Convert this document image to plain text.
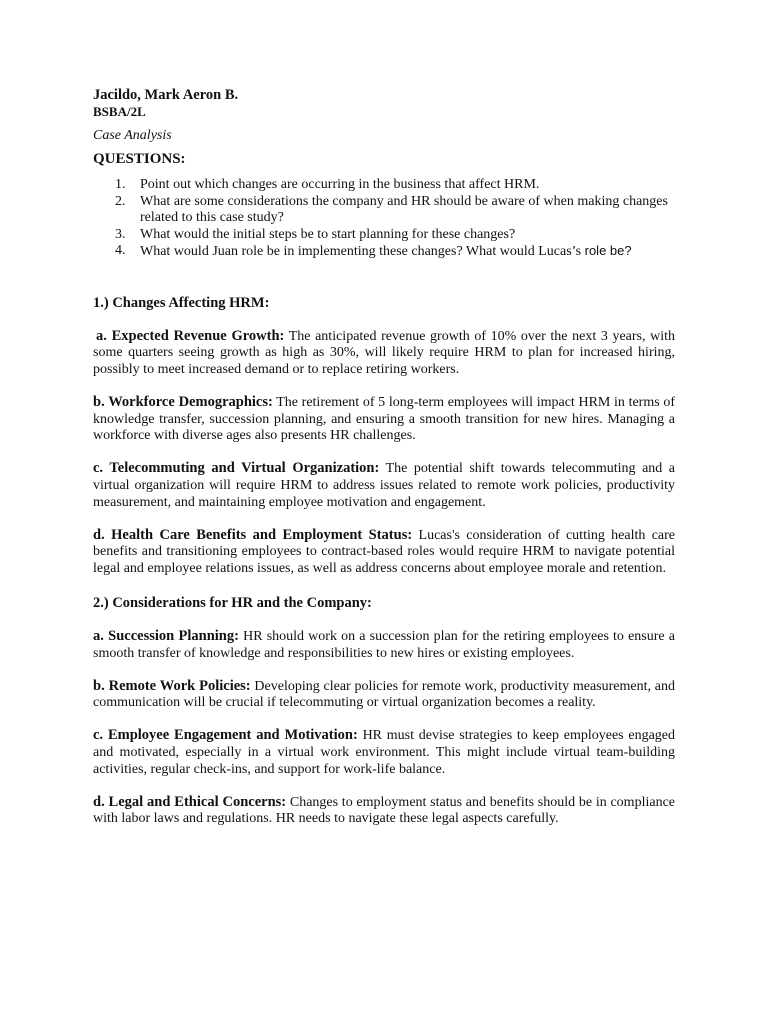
Jacildo, Mark Aeron B.

BSBA/2L

Case Analysis

QUESTIONS:

1. Point out which changes are occurring in the business that affect HRM.
2. What are some considerations the company and HR should be aware of when making changes related to this case study?
3. What would the initial steps be to start planning for these changes?
4. What would Juan role be in implementing these changes? What would Lucas’s role be?

1.) Changes Affecting HRM:

a. Expected Revenue Growth: The anticipated revenue growth of 10% over the next 3 years, with some quarters seeing growth as high as 30%, will likely require HRM to plan for increased hiring, possibly to meet increased demand or to replace retiring workers.

b. Workforce Demographics: The retirement of 5 long-term employees will impact HRM in terms of knowledge transfer, succession planning, and ensuring a smooth transition for new hires. Managing a workforce with diverse ages also presents HR challenges.

c. Telecommuting and Virtual Organization: The potential shift towards telecommuting and a virtual organization will require HRM to address issues related to remote work policies, productivity measurement, and maintaining employee motivation and engagement.

d. Health Care Benefits and Employment Status: Lucas's consideration of cutting health care benefits and transitioning employees to contract-based roles would require HRM to navigate potential legal and employee relations issues, as well as address concerns about employee morale and retention.

2.) Considerations for HR and the Company:

a. Succession Planning: HR should work on a succession plan for the retiring employees to ensure a smooth transfer of knowledge and responsibilities to new hires or existing employees.

b. Remote Work Policies: Developing clear policies for remote work, productivity measurement, and communication will be crucial if telecommuting or virtual organization becomes a reality.

c. Employee Engagement and Motivation: HR must devise strategies to keep employees engaged and motivated, especially in a virtual work environment. This might include virtual team-building activities, regular check-ins, and support for work-life balance.

d. Legal and Ethical Concerns: Changes to employment status and benefits should be in compliance with labor laws and regulations. HR needs to navigate these legal aspects carefully.
